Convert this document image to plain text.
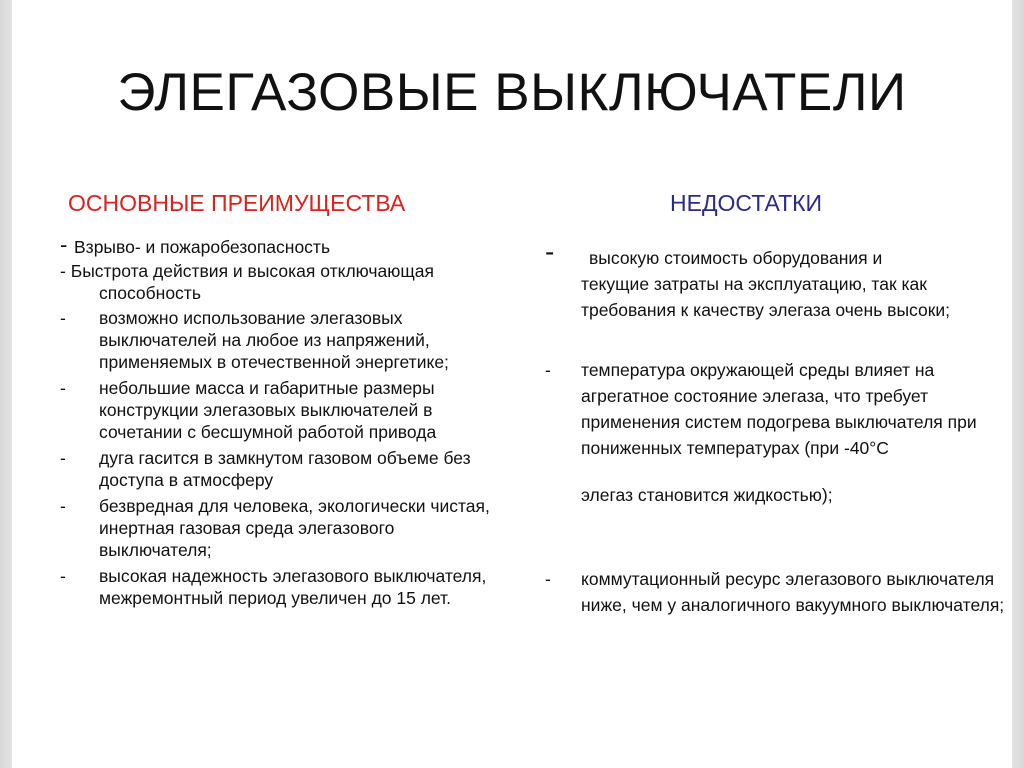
ЭЛЕГАЗОВЫЕ ВЫКЛЮЧАТЕЛИ
ОСНОВНЫЕ ПРЕИМУЩЕСТВА	НЕДОСТАТКИ
- Взрыво- и пожаробезопасность
- Быстрота действия и высокая отключающая
способность
- возможно использование элегазовых выключателей на любое из напряжений, применяемых в отечественной энергетике;
- небольшие масса и габаритные размеры конструкции элегазовых выключателей в сочетании с бесшумной работой привода
- дуга гасится в замкнутом газовом объеме без доступа в атмосферу
- безвредная для человека, экологически чистая, инертная газовая среда элегазового выключателя;
- высокая надежность элегазового выключателя, межремонтный период увеличен до 15 лет.
-	высокую стоимость оборудования и
текущие затраты на эксплуатацию, так как требования к качеству элегаза очень высоки;
-	температура окружающей среды влияет на агрегатное состояние элегаза, что требует применения систем подогрева выключателя при пониженных температурах (при -40°C
элегаз становится жидкостью);
-	коммутационный ресурс элегазового выключателя ниже, чем у аналогичного вакуумного выключателя;
